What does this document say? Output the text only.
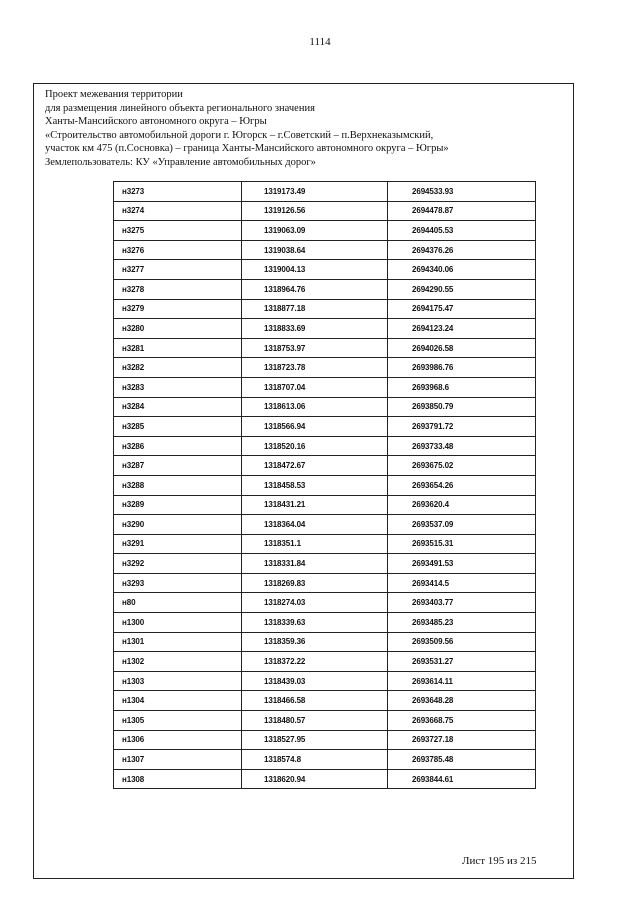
1114
Проект межевания территории
для размещения линейного объекта регионального значения
Ханты-Мансийского автономного округа – Югры
«Строительство автомобильной дороги г. Югорск – г.Советский – п.Верхнеказымский,
участок км 475 (п.Сосновка) – граница Ханты-Мансийского автономного округа – Югры»
Землепользователь: КУ «Управление автомобильных дорог»
н3273	1319173.49	2694533.93
н3274	1319126.56	2694478.87
н3275	1319063.09	2694405.53
н3276	1319038.64	2694376.26
н3277	1319004.13	2694340.06
н3278	1318964.76	2694290.55
н3279	1318877.18	2694175.47
н3280	1318833.69	2694123.24
н3281	1318753.97	2694026.58
н3282	1318723.78	2693986.76
н3283	1318707.04	2693968.6
н3284	1318613.06	2693850.79
н3285	1318566.94	2693791.72
н3286	1318520.16	2693733.48
н3287	1318472.67	2693675.02
н3288	1318458.53	2693654.26
н3289	1318431.21	2693620.4
н3290	1318364.04	2693537.09
н3291	1318351.1	2693515.31
н3292	1318331.84	2693491.53
н3293	1318269.83	2693414.5
н80	1318274.03	2693403.77
н1300	1318339.63	2693485.23
н1301	1318359.36	2693509.56
н1302	1318372.22	2693531.27
н1303	1318439.03	2693614.11
н1304	1318466.58	2693648.28
н1305	1318480.57	2693668.75
н1306	1318527.95	2693727.18
н1307	1318574.8	2693785.48
н1308	1318620.94	2693844.61
Лист 195 из 215
